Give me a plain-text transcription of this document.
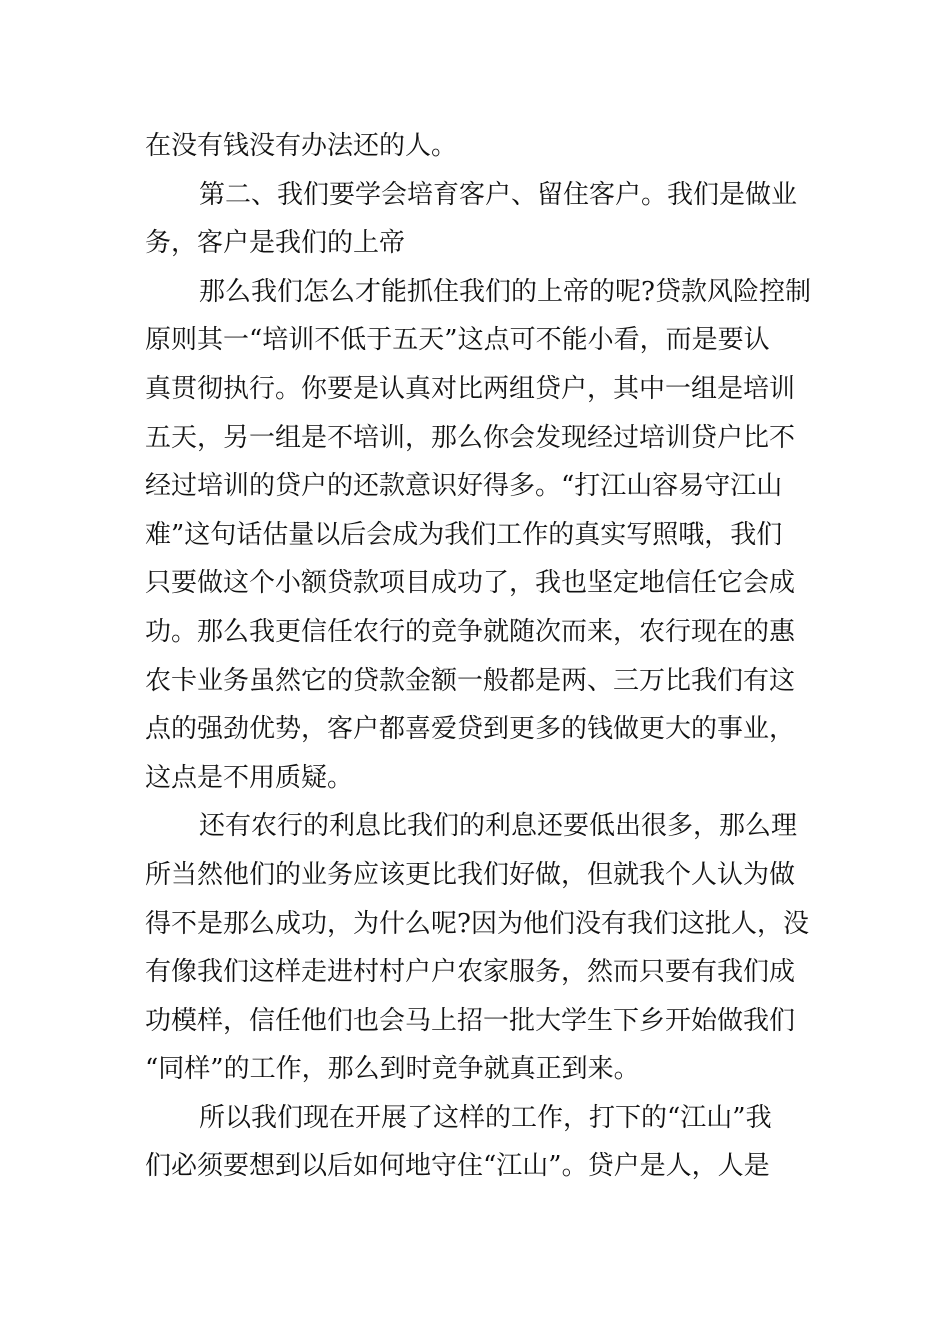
在没有钱没有办法还的人。
第二、我们要学会培育客户、留住客户。我们是做业
务，客户是我们的上帝
那么我们怎么才能抓住我们的上帝的呢?贷款风险控制
原则其一“培训不低于五天”这点可不能小看，而是要认
真贯彻执行。你要是认真对比两组贷户，其中一组是培训
五天，另一组是不培训，那么你会发现经过培训贷户比不
经过培训的贷户的还款意识好得多。“打江山容易守江山
难”这句话估量以后会成为我们工作的真实写照哦，我们
只要做这个小额贷款项目成功了，我也坚定地信任它会成
功。那么我更信任农行的竞争就随次而来，农行现在的惠
农卡业务虽然它的贷款金额一般都是两、三万比我们有这
点的强劲优势，客户都喜爱贷到更多的钱做更大的事业，
这点是不用质疑。
还有农行的利息比我们的利息还要低出很多，那么理
所当然他们的业务应该更比我们好做，但就我个人认为做
得不是那么成功，为什么呢?因为他们没有我们这批人，没
有像我们这样走进村村户户农家服务，然而只要有我们成
功模样，信任他们也会马上招一批大学生下乡开始做我们
“同样”的工作，那么到时竞争就真正到来。
所以我们现在开展了这样的工作，打下的“江山”我
们必须要想到以后如何地守住“江山”。贷户是人，人是
